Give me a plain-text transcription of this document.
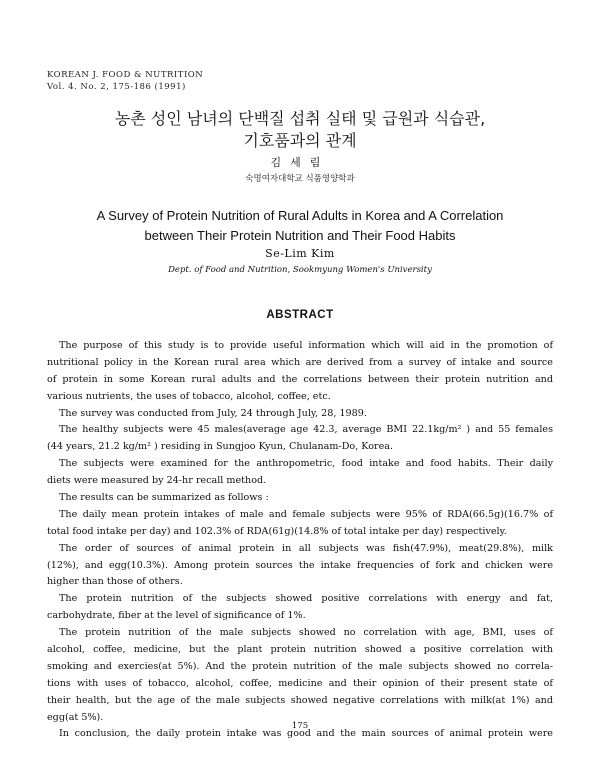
KOREAN J. FOOD & NUTRITION
Vol. 4. No. 2, 175-186 (1991)
농촌 성인 남녀의 단백질 섭취 실태 및 급원과 식습관,
기호품과의 관계
김세림
숙명여자대학교 식품영양학과
A Survey of Protein Nutrition of Rural Adults in Korea and A Correlation
between Their Protein Nutrition and Their Food Habits
Se-Lim Kim
Dept. of Food and Nutrition, Sookmyung Women's University
ABSTRACT
The purpose of this study is to provide useful information which will aid in the promotion of
nutritional policy in the Korean rural area which are derived from a survey of intake and source
of protein in some Korean rural adults and the correlations between their protein nutrition and
various nutrients, the uses of tobacco, alcohol, coffee, etc.
The survey was conducted from July, 24 through July, 28, 1989.
The healthy subjects were 45 males(average age 42.3, average BMI 22.1kg/m² ) and 55 females
(44 years, 21.2 kg/m² ) residing in Sungjoo Kyun, Chulanam-Do, Korea.
The subjects were examined for the anthropometric, food intake and food habits. Their daily
diets were measured by 24-hr recall method.
The results can be summarized as follows :
The daily mean protein intakes of male and female subjects were 95% of RDA(66.5g)(16.7% of
total food intake per day) and 102.3% of RDA(61g)(14.8% of total intake per day) respectively.
The order of sources of animal protein in all subjects was fish(47.9%), meat(29.8%), milk
(12%), and egg(10.3%). Among protein sources the intake frequencies of fork and chicken were
higher than those of others.
The protein nutrition of the subjects showed positive correlations with energy and fat,
carbohydrate, fiber at the level of significance of 1%.
The protein nutrition of the male subjects showed no correlation with age, BMI, uses of
alcohol, coffee, medicine, but the plant protein nutrition showed a positive correlation with
smoking and exercies(at 5%). And the protein nutrition of the male subjects showed no correla-
tions with uses of tobacco, alcohol, coffee, medicine and their opinion of their present state of
their health, but the age of the male subjects showed negative correlations with milk(at 1%) and
egg(at 5%).
In conclusion, the daily protein intake was good and the main sources of animal protein were
175
